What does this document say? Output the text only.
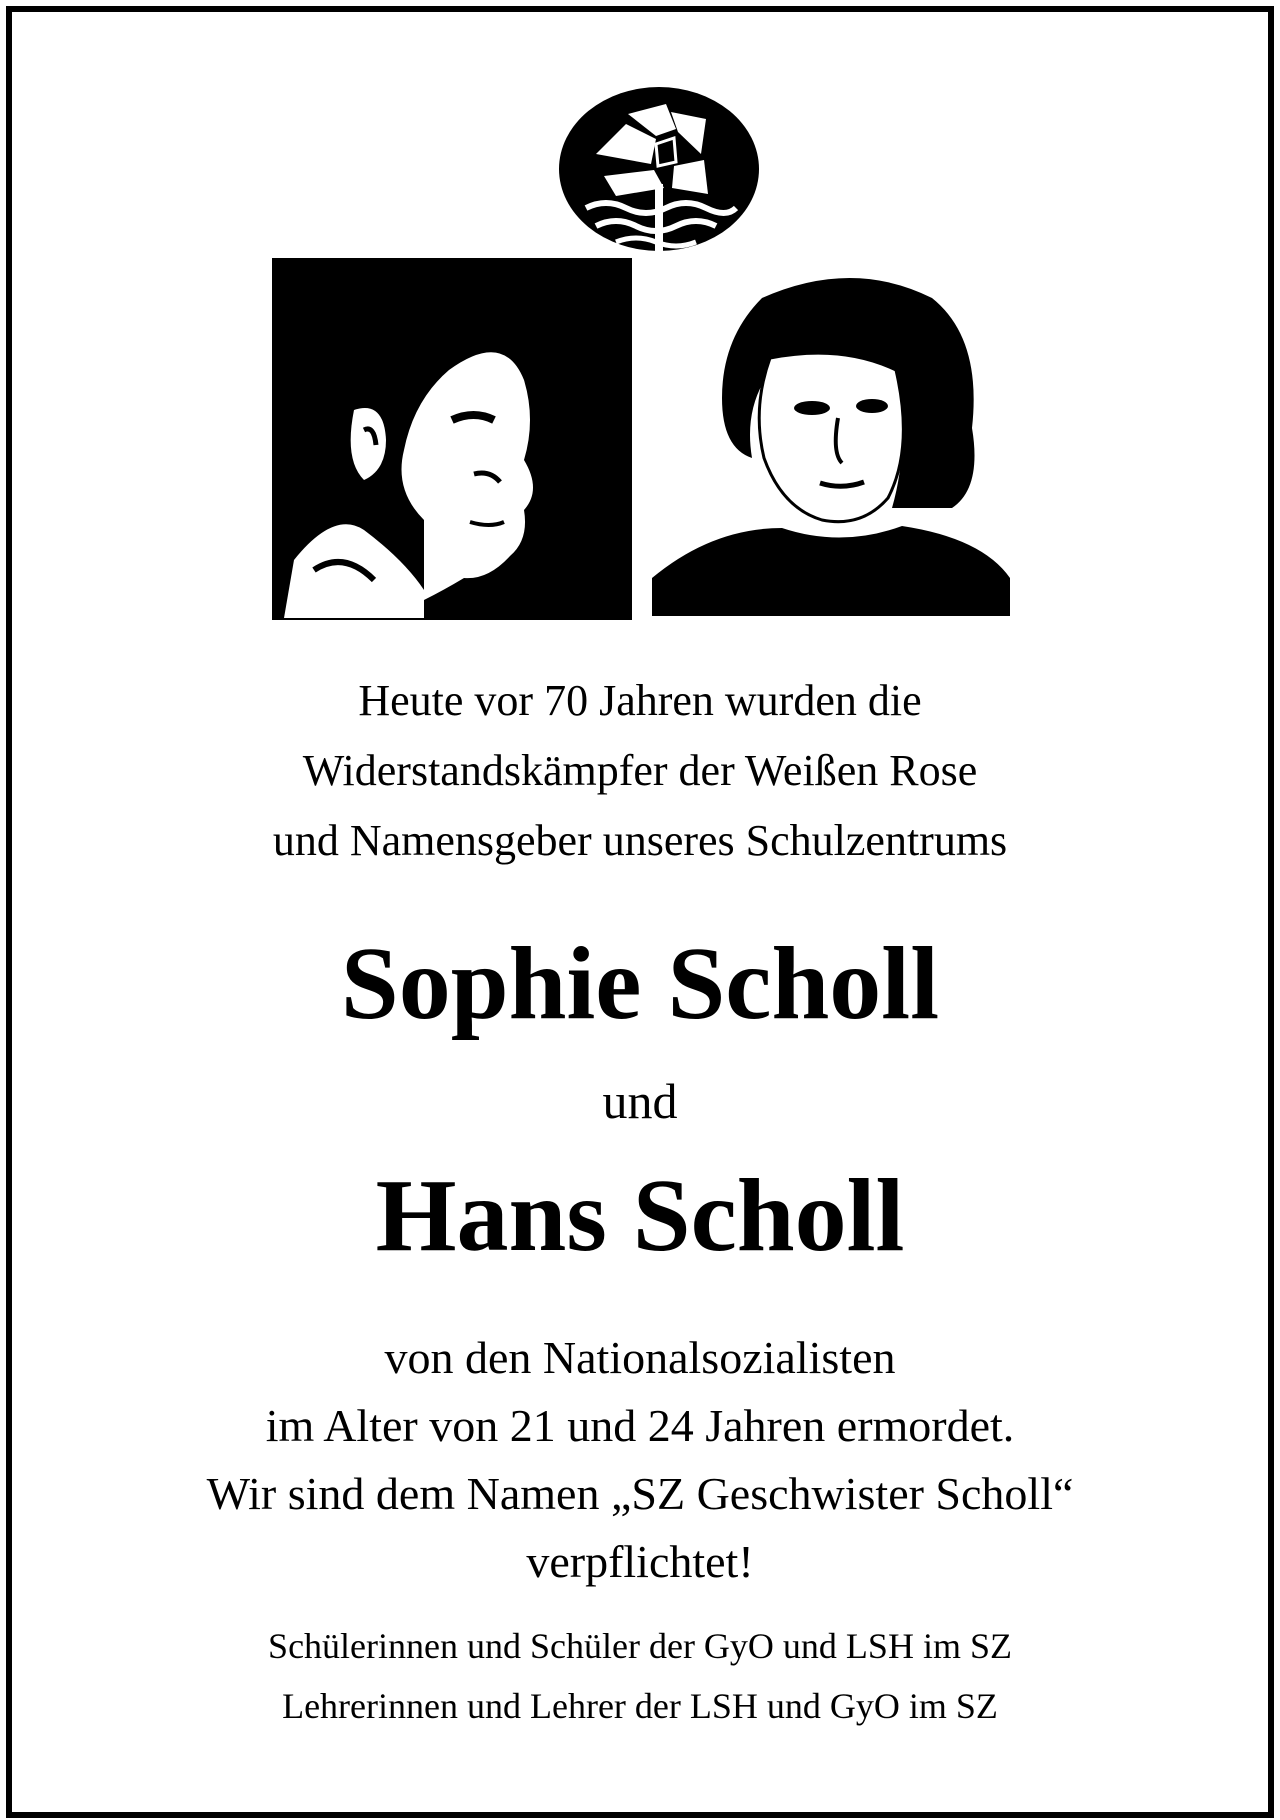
Heute vor 70 Jahren wurden die
Widerstandskämpfer der Weißen Rose
und Namensgeber unseres Schulzentrums
Sophie Scholl
und
Hans Scholl
von den Nationalsozialisten
im Alter von 21 und 24 Jahren ermordet.
Wir sind dem Namen „SZ Geschwister Scholl“
verpflichtet!
Schülerinnen und Schüler der GyO und LSH im SZ
Lehrerinnen und Lehrer der LSH und GyO im SZ
